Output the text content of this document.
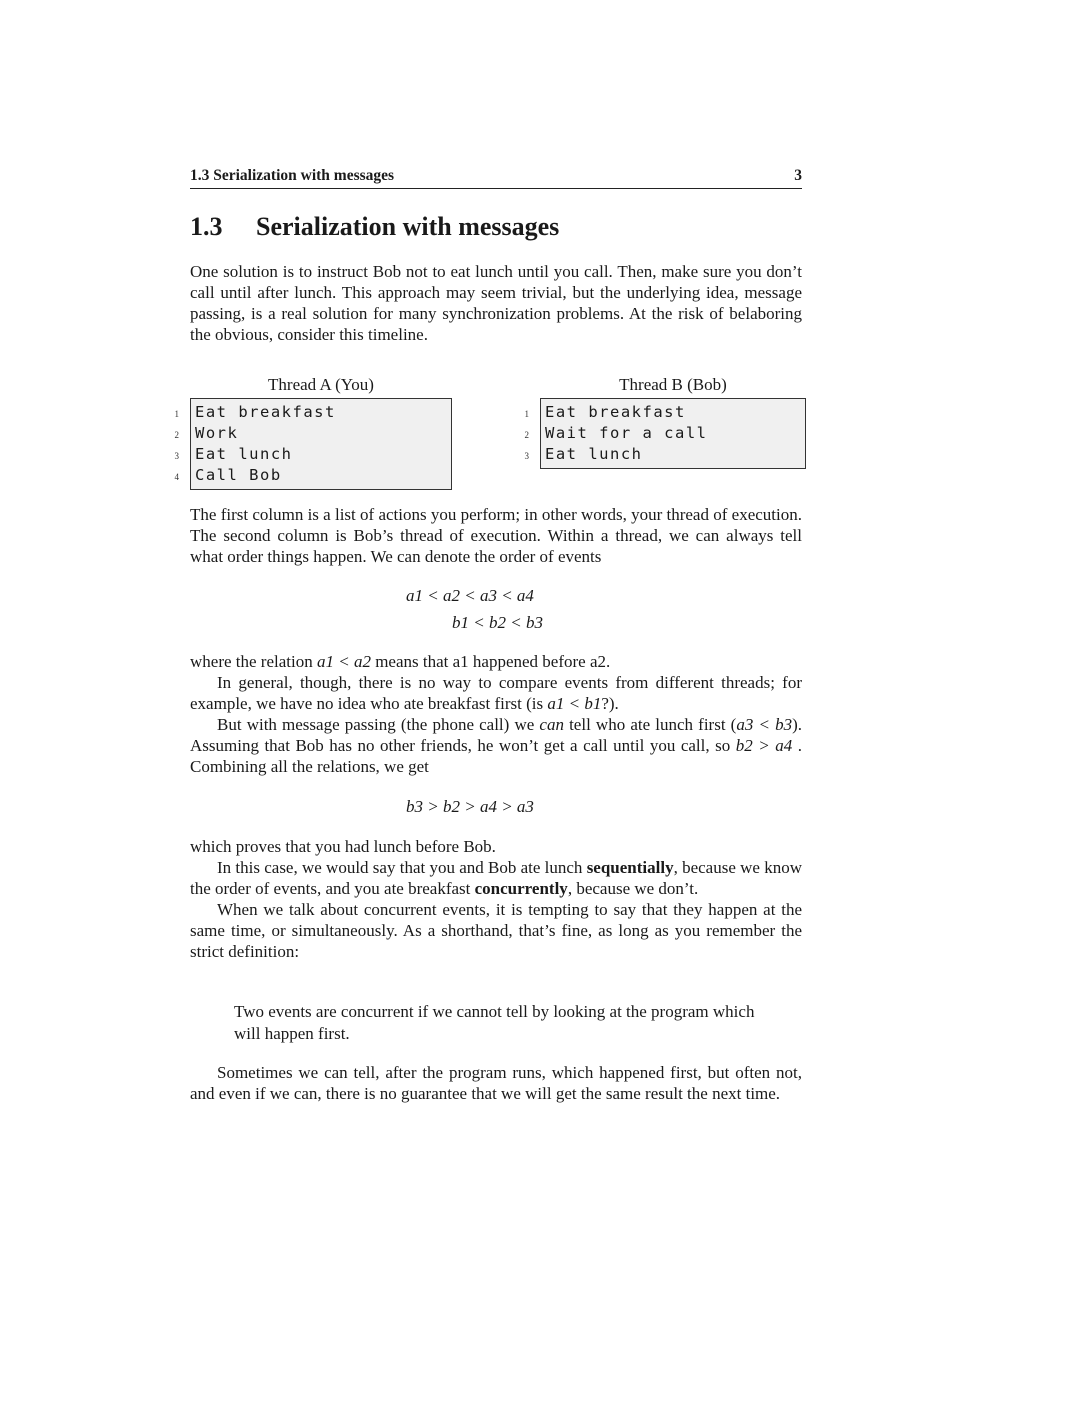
1.3 Serialization with messages	3
1.3 Serialization with messages

One solution is to instruct Bob not to eat lunch until you call. Then, make sure you don’t call until after lunch. This approach may seem trivial, but the underlying idea, message passing, is a real solution for many synchronization problems. At the risk of belaboring the obvious, consider this timeline.

Thread A (You)
1 Eat breakfast
2 Work
3 Eat lunch
4 Call Bob
Thread B (Bob)
1 Eat breakfast
2 Wait for a call
3 Eat lunch

The first column is a list of actions you perform; in other words, your thread of execution. The second column is Bob’s thread of execution. Within a thread, we can always tell what order things happen. We can denote the order of events

a1 < a2 < a3 < a4
b1 < b2 < b3

where the relation a1 < a2 means that a1 happened before a2.

In general, though, there is no way to compare events from different threads; for example, we have no idea who ate breakfast first (is a1 < b1?).

But with message passing (the phone call) we can tell who ate lunch first (a3 < b3). Assuming that Bob has no other friends, he won’t get a call until you call, so b2 > a4 . Combining all the relations, we get

b3 > b2 > a4 > a3

which proves that you had lunch before Bob.

In this case, we would say that you and Bob ate lunch sequentially, because we know the order of events, and you ate breakfast concurrently, because we don’t.

When we talk about concurrent events, it is tempting to say that they happen at the same time, or simultaneously. As a shorthand, that’s fine, as long as you remember the strict definition:

Two events are concurrent if we cannot tell by looking at the program which will happen first.

Sometimes we can tell, after the program runs, which happened first, but often not, and even if we can, there is no guarantee that we will get the same result the next time.
